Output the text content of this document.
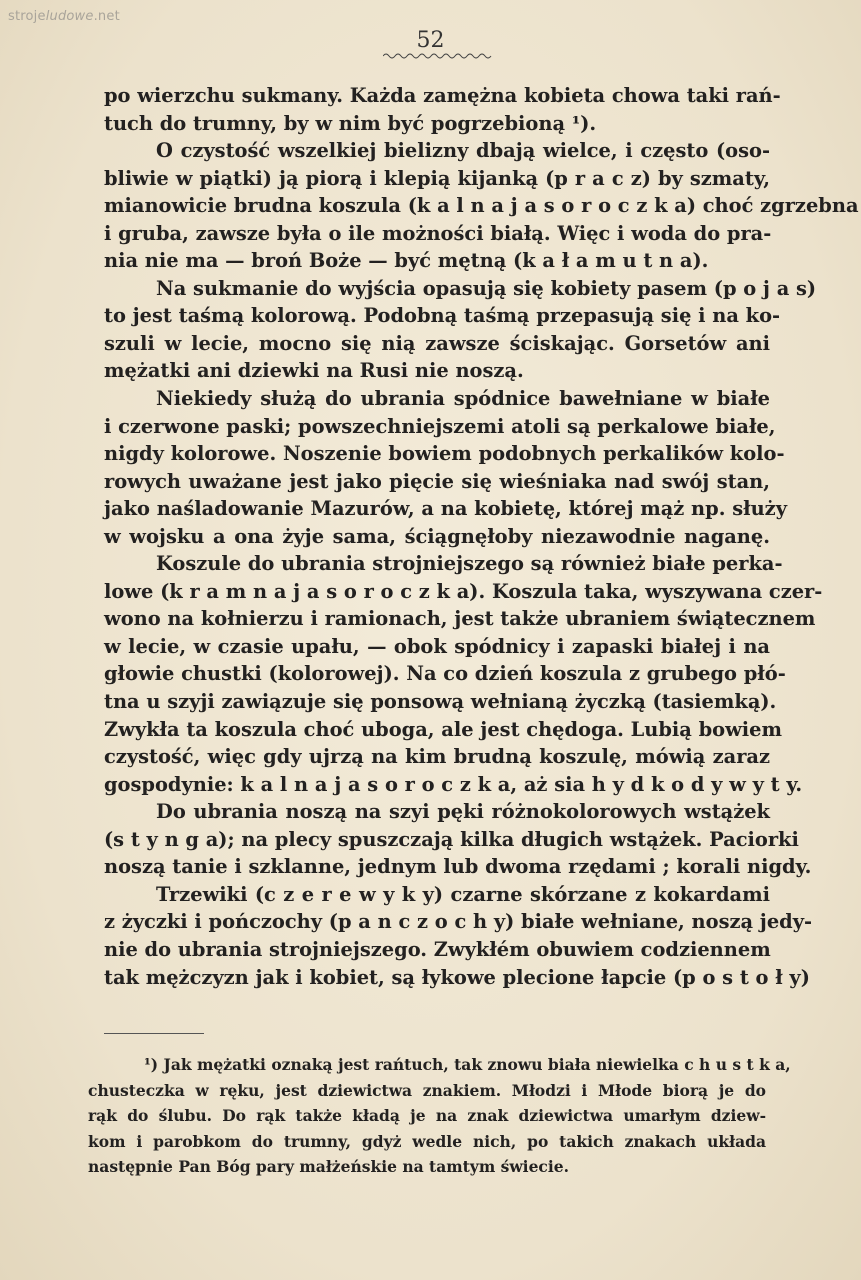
strojeludowe.net
52
po wierzchu sukmany. Każda zamężna kobieta chowa taki rań-
tuch do trumny, by w nim być pogrzebioną ¹).
O czystość wszelkiej bielizny dbają wielce, i często (oso-
bliwie w piątki) ją piorą i klepią kijanką (p r a c z) by szmaty,
mianowicie brudna koszula (k a l n a j a s o r o c z k a) choć zgrzebna
i gruba, zawsze była o ile możności białą. Więc i woda do pra-
nia nie ma — broń Boże — być mętną (k a ł a m u t n a).
Na sukmanie do wyjścia opasują się kobiety pasem (p o j a s)
to jest taśmą kolorową. Podobną taśmą przepasują się i na ko-
szuli w lecie, mocno się nią zawsze ściskając. Gorsetów ani
mężatki ani dziewki na Rusi nie noszą.
Niekiedy służą do ubrania spódnice bawełniane w białe
i czerwone paski; powszechniejszemi atoli są perkalowe białe,
nigdy kolorowe. Noszenie bowiem podobnych perkalików kolo-
rowych uważane jest jako pięcie się wieśniaka nad swój stan,
jako naśladowanie Mazurów, a na kobietę, której mąż np. służy
w wojsku a ona żyje sama, ściągnęłoby niezawodnie naganę.
Koszule do ubrania strojniejszego są również białe perka-
lowe (k r a m n a j a s o r o c z k a). Koszula taka, wyszywana czer-
wono na kołnierzu i ramionach, jest także ubraniem świątecznem
w lecie, w czasie upału, — obok spódnicy i zapaski białej i na
głowie chustki (kolorowej). Na co dzień koszula z grubego płó-
tna u szyji zawiązuje się ponsową wełnianą życzką (tasiemką).
Zwykła ta koszula choć uboga, ale jest chędoga. Lubią bowiem
czystość, więc gdy ujrzą na kim brudną koszulę, mówią zaraz
gospodynie: k a l n a j a s o r o c z k a, aż sia h y d k o d y w y t y.
Do ubrania noszą na szyi pęki różnokolorowych wstążek
(s t y n g a); na plecy spuszczają kilka długich wstążek. Paciorki
noszą tanie i szklanne, jednym lub dwoma rzędami ; korali nigdy.
Trzewiki (c z e r e w y k y) czarne skórzane z kokardami
z życzki i pończochy (p a n c z o c h y) białe wełniane, noszą jedy-
nie do ubrania strojniejszego. Zwykłém obuwiem codziennem
tak mężczyzn jak i kobiet, są łykowe plecione łapcie (p o s t o ł y)
¹) Jak mężatki oznaką jest rańtuch, tak znowu biała niewielka c h u s t k a,
chusteczka w ręku, jest dziewictwa znakiem. Młodzi i Młode biorą je do
rąk do ślubu. Do rąk także kładą je na znak dziewictwa umarłym dziew-
kom i parobkom do trumny, gdyż wedle nich, po takich znakach układa
następnie Pan Bóg pary małżeńskie na tamtym świecie.
